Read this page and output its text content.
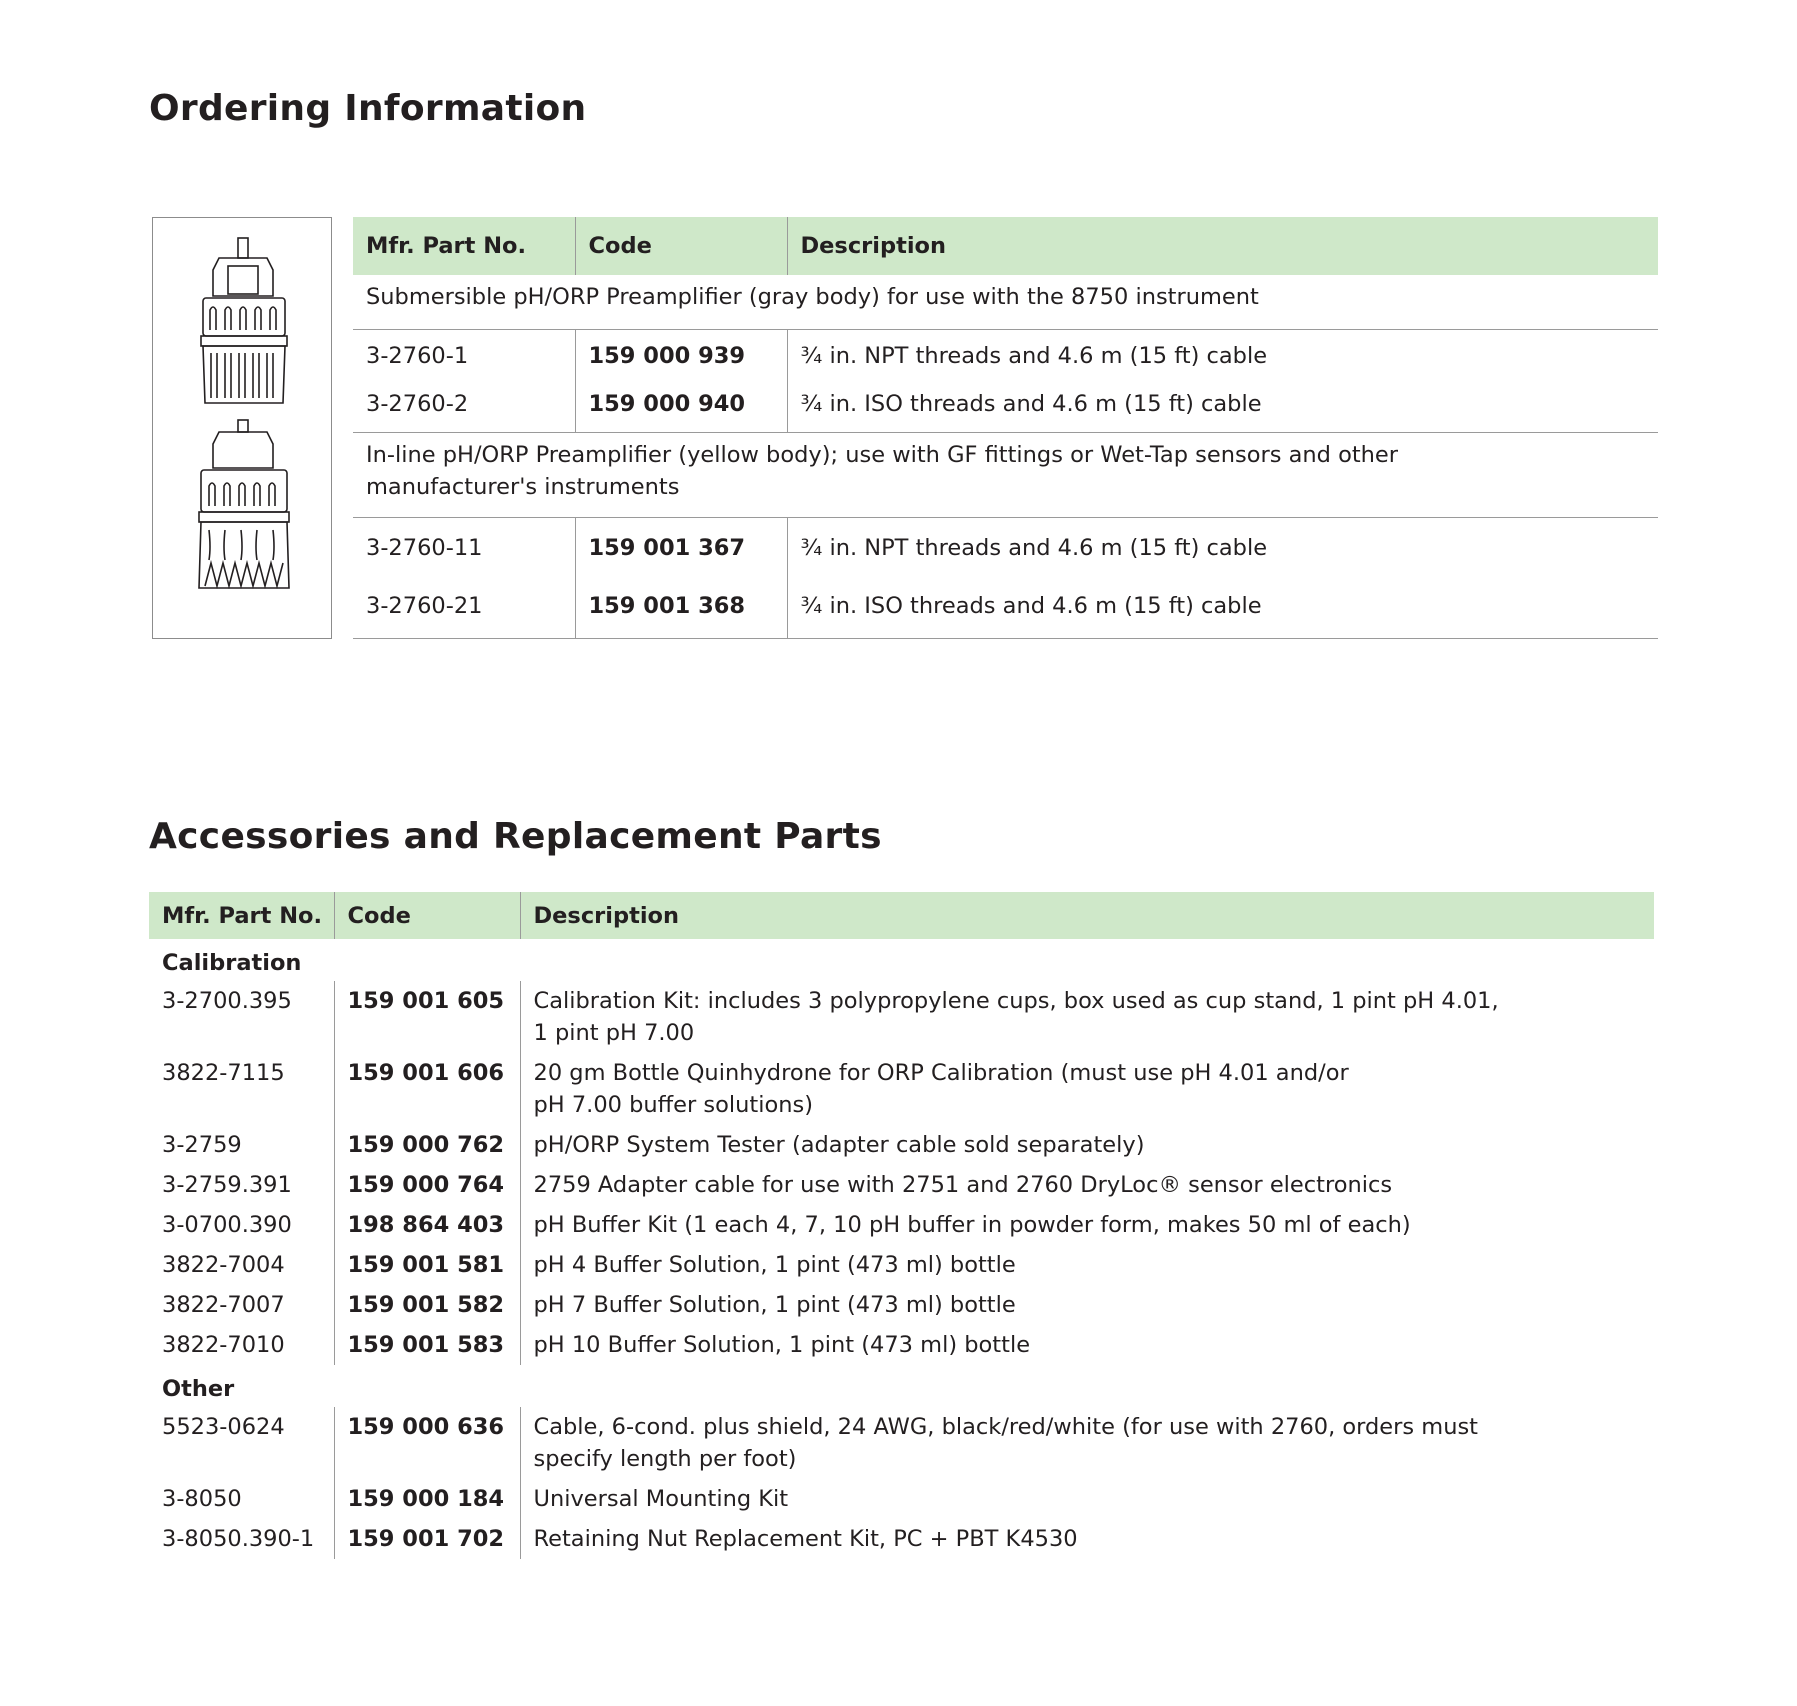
Ordering Information
Mfr. Part No.	Code	Description
Submersible pH/ORP Preamplifier (gray body) for use with the 8750 instrument		
3-2760-1	159 000 939	¾ in. NPT threads and 4.6 m (15 ft) cable
3-2760-2	159 000 940	¾ in. ISO threads and 4.6 m (15 ft) cable
In-line pH/ORP Preamplifier (yellow body); use with GF fittings or Wet-Tap sensors and other manufacturer's instruments		
3-2760-11	159 001 367	¾ in. NPT threads and 4.6 m (15 ft) cable
3-2760-21	159 001 368	¾ in. ISO threads and 4.6 m (15 ft) cable
Accessories and Replacement Parts
Mfr. Part No.	Code	Description
Calibration		
3-2700.395	159 001 605	Calibration Kit: includes 3 polypropylene cups, box used as cup stand, 1 pint pH 4.01,
1 pint pH 7.00
3822-7115	159 001 606	20 gm Bottle Quinhydrone for ORP Calibration (must use pH 4.01 and/or
pH 7.00 buffer solutions)
3-2759	159 000 762	pH/ORP System Tester (adapter cable sold separately)
3-2759.391	159 000 764	2759 Adapter cable for use with 2751 and 2760 DryLoc® sensor electronics
3-0700.390	198 864 403	pH Buffer Kit (1 each 4, 7, 10 pH buffer in powder form, makes 50 ml of each)
3822-7004	159 001 581	pH 4 Buffer Solution, 1 pint (473 ml) bottle
3822-7007	159 001 582	pH 7 Buffer Solution, 1 pint (473 ml) bottle
3822-7010	159 001 583	pH 10 Buffer Solution, 1 pint (473 ml) bottle
Other		
5523-0624	159 000 636	Cable, 6-cond. plus shield, 24 AWG, black/red/white (for use with 2760, orders must
specify length per foot)
3-8050	159 000 184	Universal Mounting Kit
3-8050.390-1	159 001 702	Retaining Nut Replacement Kit, PC + PBT K4530
